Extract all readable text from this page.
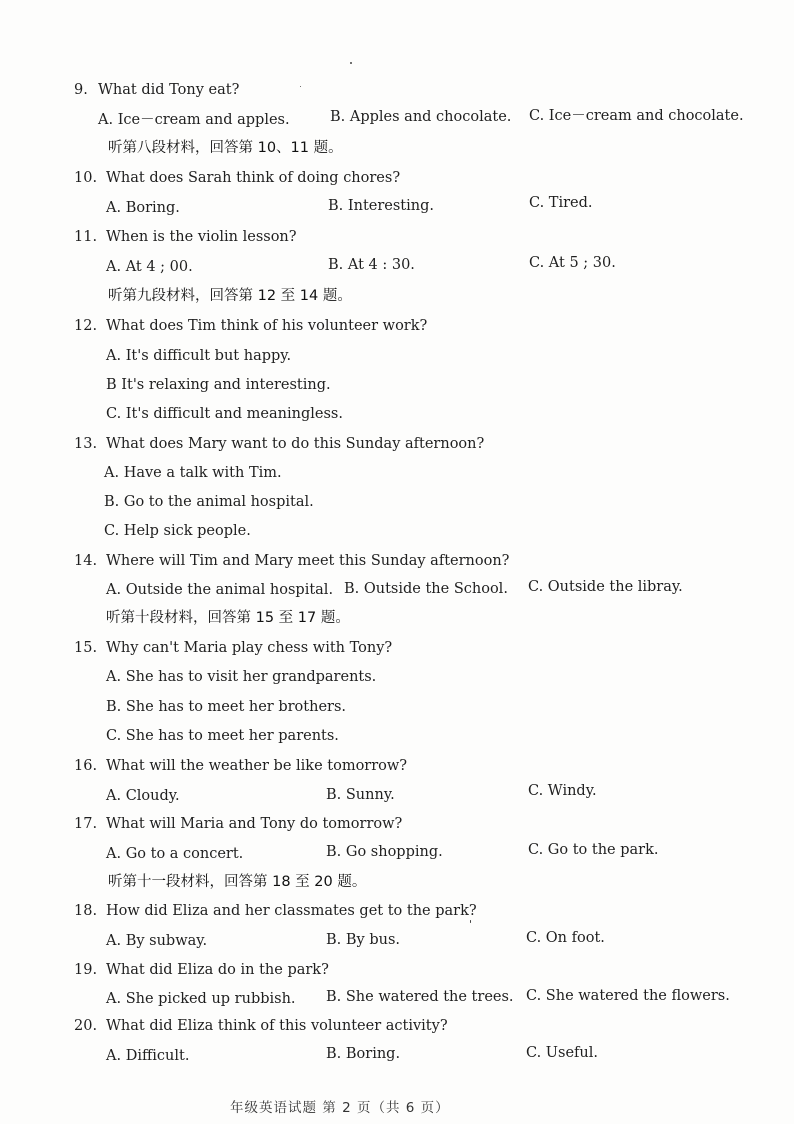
9. What did Tony eat?
A. Ice－cream and apples.	B. Apples and chocolate. C. Ice－cream and chocolate.
听第八段材料，回答第 10、11 题。
10. What does Sarah think of doing chores?
A. Boring.	B. Interesting.	C. Tired.
11. When is the violin lesson?
A. At 4 ; 00.	B. At 4 : 30.	C. At 5 ; 30.
听第九段材料，回答第 12 至 14 题。
12. What does Tim think of his volunteer work?
A. It's difficult but happy.
B It's relaxing and interesting.
C. It's difficult and meaningless.
13. What does Mary want to do this Sunday afternoon?
A. Have a talk with Tim.
B. Go to the animal hospital.
C. Help sick people.
14. Where will Tim and Mary meet this Sunday afternoon?
A. Outside the animal hospital. B. Outside the School. C. Outside the libray.
听第十段材料，回答第 15 至 17 题。
15. Why can't Maria play chess with Tony?
A. She has to visit her grandparents.
B. She has to meet her brothers.
C. She has to meet her parents.
16. What will the weather be like tomorrow?
A. Cloudy.	B. Sunny.	C. Windy.
17. What will Maria and Tony do tomorrow?
A. Go to a concert.	B. Go shopping.	C. Go to the park.
听第十一段材料，回答第 18 至 20 题。
18. How did Eliza and her classmates get to the park?
A. By subway.	B. By bus.	C. On foot.
19. What did Eliza do in the park?
A. She picked up rubbish. B. She watered the trees. C. She watered the flowers.
20. What did Eliza think of this volunteer activity?
A. Difficult.	B. Boring.	C. Useful.
年级英语试题 第 2 页（共 6 页）
